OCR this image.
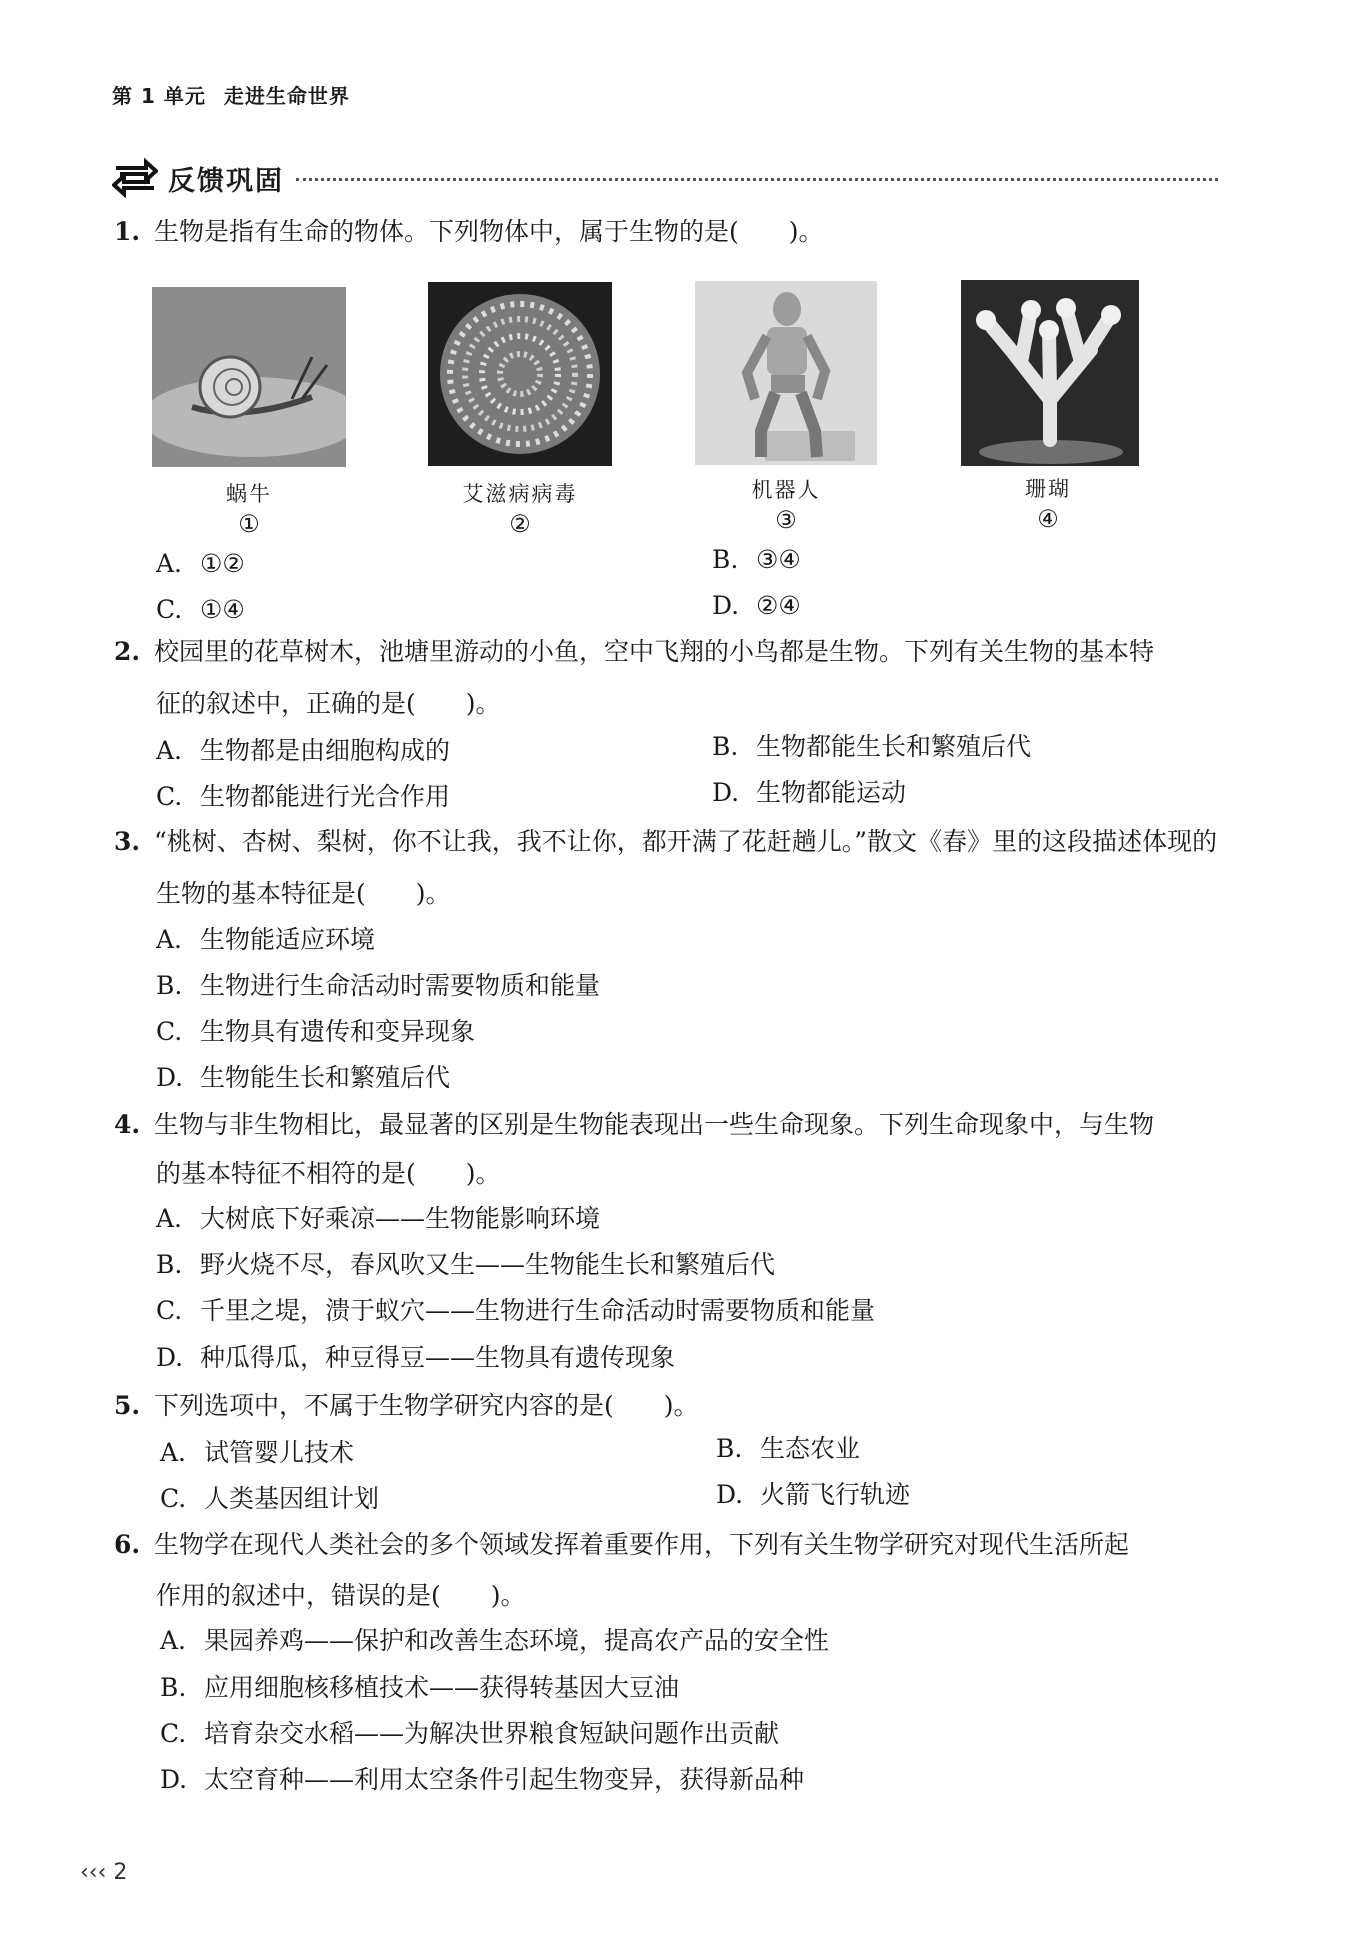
第 1 单元 走进生命世界
反馈巩固
1. 生物是指有生命的物体。下列物体中，属于生物的是(　　)。
蜗牛
①
艾滋病病毒
②
机器人
③
珊瑚
④
A. ①②	B. ③④
C. ①④	D. ②④
2. 校园里的花草树木，池塘里游动的小鱼，空中飞翔的小鸟都是生物。下列有关生物的基本特
征的叙述中，正确的是(　　)。
A. 生物都是由细胞构成的	B. 生物都能生长和繁殖后代
C. 生物都能进行光合作用	D. 生物都能运动
3. “桃树、杏树、梨树，你不让我，我不让你，都开满了花赶趟儿。”散文《春》里的这段描述体现的
生物的基本特征是(　　)。
A. 生物能适应环境
B. 生物进行生命活动时需要物质和能量
C. 生物具有遗传和变异现象
D. 生物能生长和繁殖后代
4. 生物与非生物相比，最显著的区别是生物能表现出一些生命现象。下列生命现象中，与生物
的基本特征不相符的是(　　)。
A. 大树底下好乘凉——生物能影响环境
B. 野火烧不尽，春风吹又生——生物能生长和繁殖后代
C. 千里之堤，溃于蚁穴——生物进行生命活动时需要物质和能量
D. 种瓜得瓜，种豆得豆——生物具有遗传现象
5. 下列选项中，不属于生物学研究内容的是(　　)。
A. 试管婴儿技术	B. 生态农业
C. 人类基因组计划	D. 火箭飞行轨迹
6. 生物学在现代人类社会的多个领域发挥着重要作用，下列有关生物学研究对现代生活所起
作用的叙述中，错误的是(　　)。
A. 果园养鸡——保护和改善生态环境，提高农产品的安全性
B. 应用细胞核移植技术——获得转基因大豆油
C. 培育杂交水稻——为解决世界粮食短缺问题作出贡献
D. 太空育种——利用太空条件引起生物变异，获得新品种
‹‹‹ 2
